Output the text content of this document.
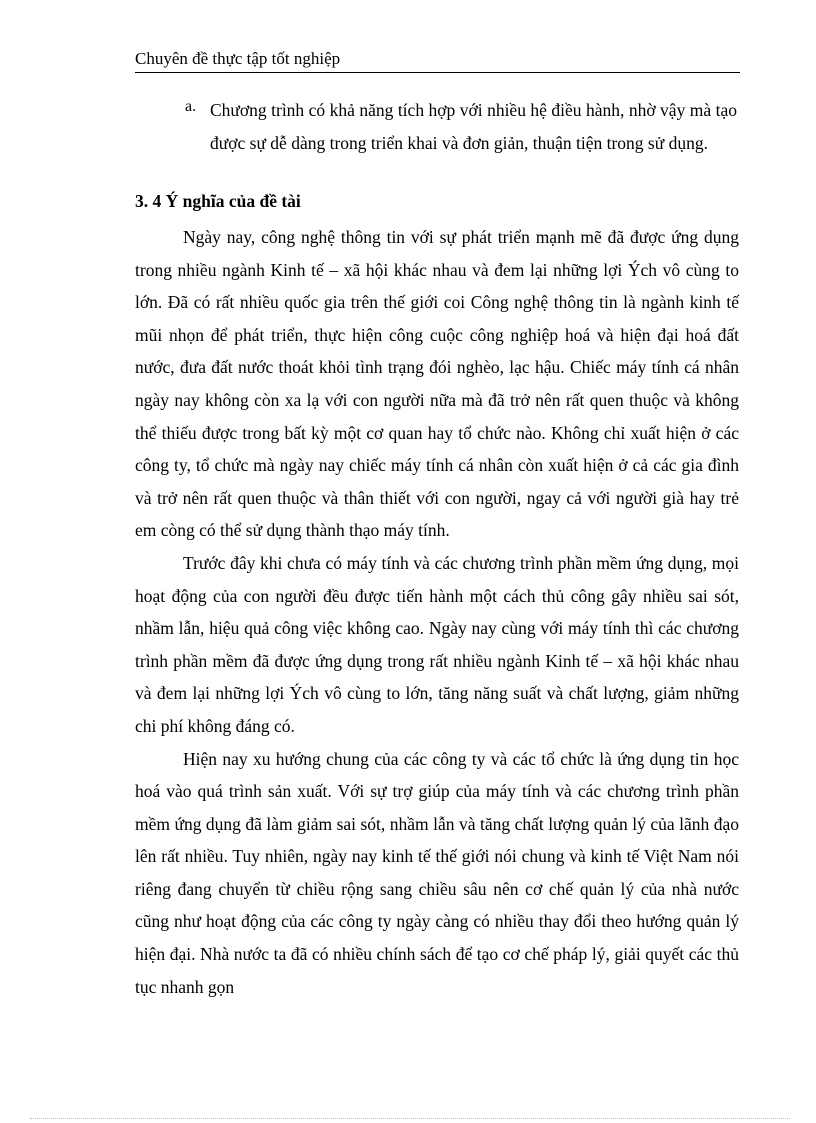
Chuyên đề thực tập tốt nghiệp
a. Chương trình có khả năng tích hợp với nhiều hệ điều hành, nhờ vậy mà tạo được sự dễ dàng trong triển khai và đơn giản, thuận tiện trong sử dụng.
3. 4 Ý nghĩa của đề tài

Ngày nay, công nghệ thông tin với sự phát triển mạnh mẽ đã được ứng dụng trong nhiều ngành Kinh tế – xã hội khác nhau và đem lại những lợi Ých vô cùng to lớn. Đã có rất nhiều quốc gia trên thế giới coi Công nghệ thông tin là ngành kinh tế mũi nhọn để phát triển, thực hiện công cuộc công nghiệp hoá và hiện đại hoá đất nước, đưa đất nước thoát khỏi tình trạng đói nghèo, lạc hậu. Chiếc máy tính cá nhân ngày nay không còn xa lạ với con người nữa mà đã trở nên rất quen thuộc và không thể thiếu được trong bất kỳ một cơ quan hay tổ chức nào. Không chỉ xuất hiện ở các công ty, tổ chức mà ngày nay chiếc máy tính cá nhân còn xuất hiện ở cả các gia đình và trở nên rất quen thuộc và thân thiết với con người, ngay cả với người già hay trẻ em còng có thể sử dụng thành thạo máy tính.

Trước đây khi chưa có máy tính và các chương trình phần mềm ứng dụng, mọi hoạt động của con người đều được tiến hành một cách thủ công gây nhiều sai sót, nhầm lẫn, hiệu quả công việc không cao. Ngày nay cùng với máy tính thì các chương trình phần mềm đã được ứng dụng trong rất nhiều ngành Kinh tế – xã hội khác nhau và đem lại những lợi Ých vô cùng to lớn, tăng năng suất và chất lượng, giảm những chi phí không đáng có.

Hiện nay xu hướng chung của các công ty và các tổ chức là ứng dụng tin học hoá vào quá trình sản xuất. Với sự trợ giúp của máy tính và các chương trình phần mềm ứng dụng đã làm giảm sai sót, nhầm lẫn và tăng chất lượng quản lý của lãnh đạo lên rất nhiều. Tuy nhiên, ngày nay kinh tế thế giới nói chung và kinh tế Việt Nam nói riêng đang chuyển từ chiều rộng sang chiều sâu nên cơ chế quản lý của nhà nước cũng như hoạt động của các công ty ngày càng có nhiều thay đổi theo hướng quản lý hiện đại. Nhà nước ta đã có nhiều chính sách để tạo cơ chế pháp lý, giải quyết các thủ tục nhanh gọn
